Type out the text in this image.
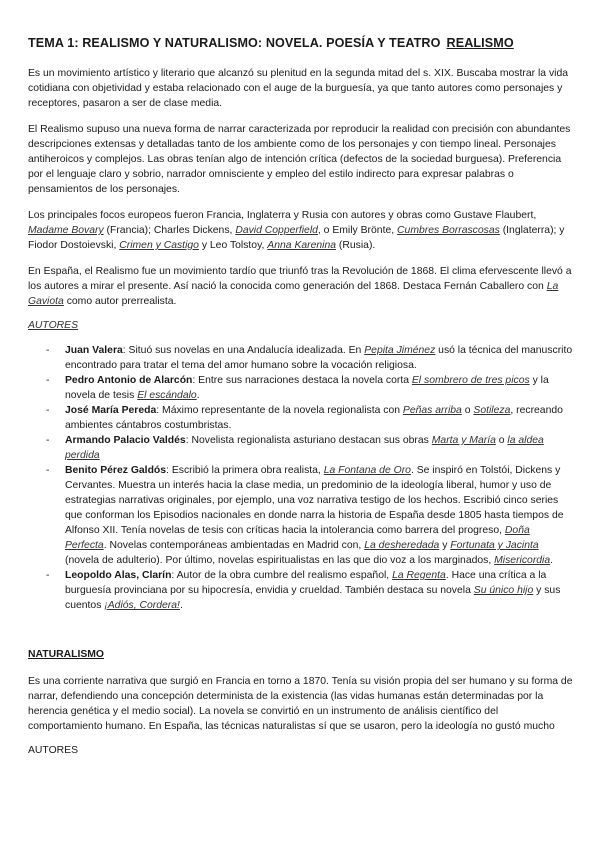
TEMA 1: REALISMO Y NATURALISMO: NOVELA. POESÍA Y TEATRO REALISMO

Es un movimiento artístico y literario que alcanzó su plenitud en la segunda mitad del s. XIX. Buscaba mostrar la vida cotidiana con objetividad y estaba relacionado con el auge de la burguesía, ya que tanto autores como personajes y receptores, pasaron a ser de clase media.

El Realismo supuso una nueva forma de narrar caracterizada por reproducir la realidad con precisión con abundantes descripciones extensas y detalladas tanto de los ambiente como de los personajes y con tiempo lineal. Personajes antiheroicos y complejos. Las obras tenían algo de intención crítica (defectos de la sociedad burguesa). Preferencia por el lenguaje claro y sobrio, narrador omnisciente y empleo del estilo indirecto para expresar palabras o pensamientos de los personajes.

Los principales focos europeos fueron Francia, Inglaterra y Rusia con autores y obras como Gustave Flaubert, Madame Bovary (Francia); Charles Dickens, David Copperfield, o Emily Brönte, Cumbres Borrascosas (Inglaterra); y Fiodor Dostoievski, Crimen y Castigo y Leo Tolstoy, Anna Karenina (Rusia).

En España, el Realismo fue un movimiento tardío que triunfó tras la Revolución de 1868. El clima efervescente llevó a los autores a mirar el presente. Así nació la conocida como generación del 1868. Destaca Fernán Caballero con La Gaviota como autor prerrealista.

AUTORES
- Juan Valera: Situó sus novelas en una Andalucía idealizada. En Pepita Jiménez usó la técnica del manuscrito encontrado para tratar el tema del amor humano sobre la vocación religiosa.
- Pedro Antonio de Alarcón: Entre sus narraciones destaca la novela corta El sombrero de tres picos y la novela de tesis El escándalo.
- José María Pereda: Máximo representante de la novela regionalista con Peñas arriba o Sotileza, recreando ambientes cántabros costumbristas.
- Armando Palacio Valdés: Novelista regionalista asturiano destacan sus obras Marta y María o la aldea perdida
- Benito Pérez Galdós: Escribió la primera obra realista, La Fontana de Oro. Se inspiró en Tolstói, Dickens y Cervantes. Muestra un interés hacia la clase media, un predominio de la ideología liberal, humor y uso de estrategias narrativas originales, por ejemplo, una voz narrativa testigo de los hechos. Escribió cinco series que conforman los Episodios nacionales en donde narra la historia de España desde 1805 hasta tiempos de Alfonso XII. Tenía novelas de tesis con críticas hacia la intolerancia como barrera del progreso, Doña Perfecta. Novelas contemporáneas ambientadas en Madrid con, La desheredada y Fortunata y Jacinta (novela de adulterio). Por último, novelas espiritualistas en las que dio voz a los marginados, Misericordia.
- Leopoldo Alas, Clarín: Autor de la obra cumbre del realismo español, La Regenta. Hace una crítica a la burguesía provinciana por su hipocresía, envidia y crueldad. También destaca su novela Su único hijo y sus cuentos ¡Adiós, Cordera!.
NATURALISMO

Es una corriente narrativa que surgió en Francia en torno a 1870. Tenía su visión propia del ser humano y su forma de narrar, defendiendo una concepción determinista de la existencia (las vidas humanas están determinadas por la herencia genética y el medio social). La novela se convirtió en un instrumento de análisis científico del comportamiento humano. En España, las técnicas naturalistas sí que se usaron, pero la ideología no gustó mucho

AUTORES
